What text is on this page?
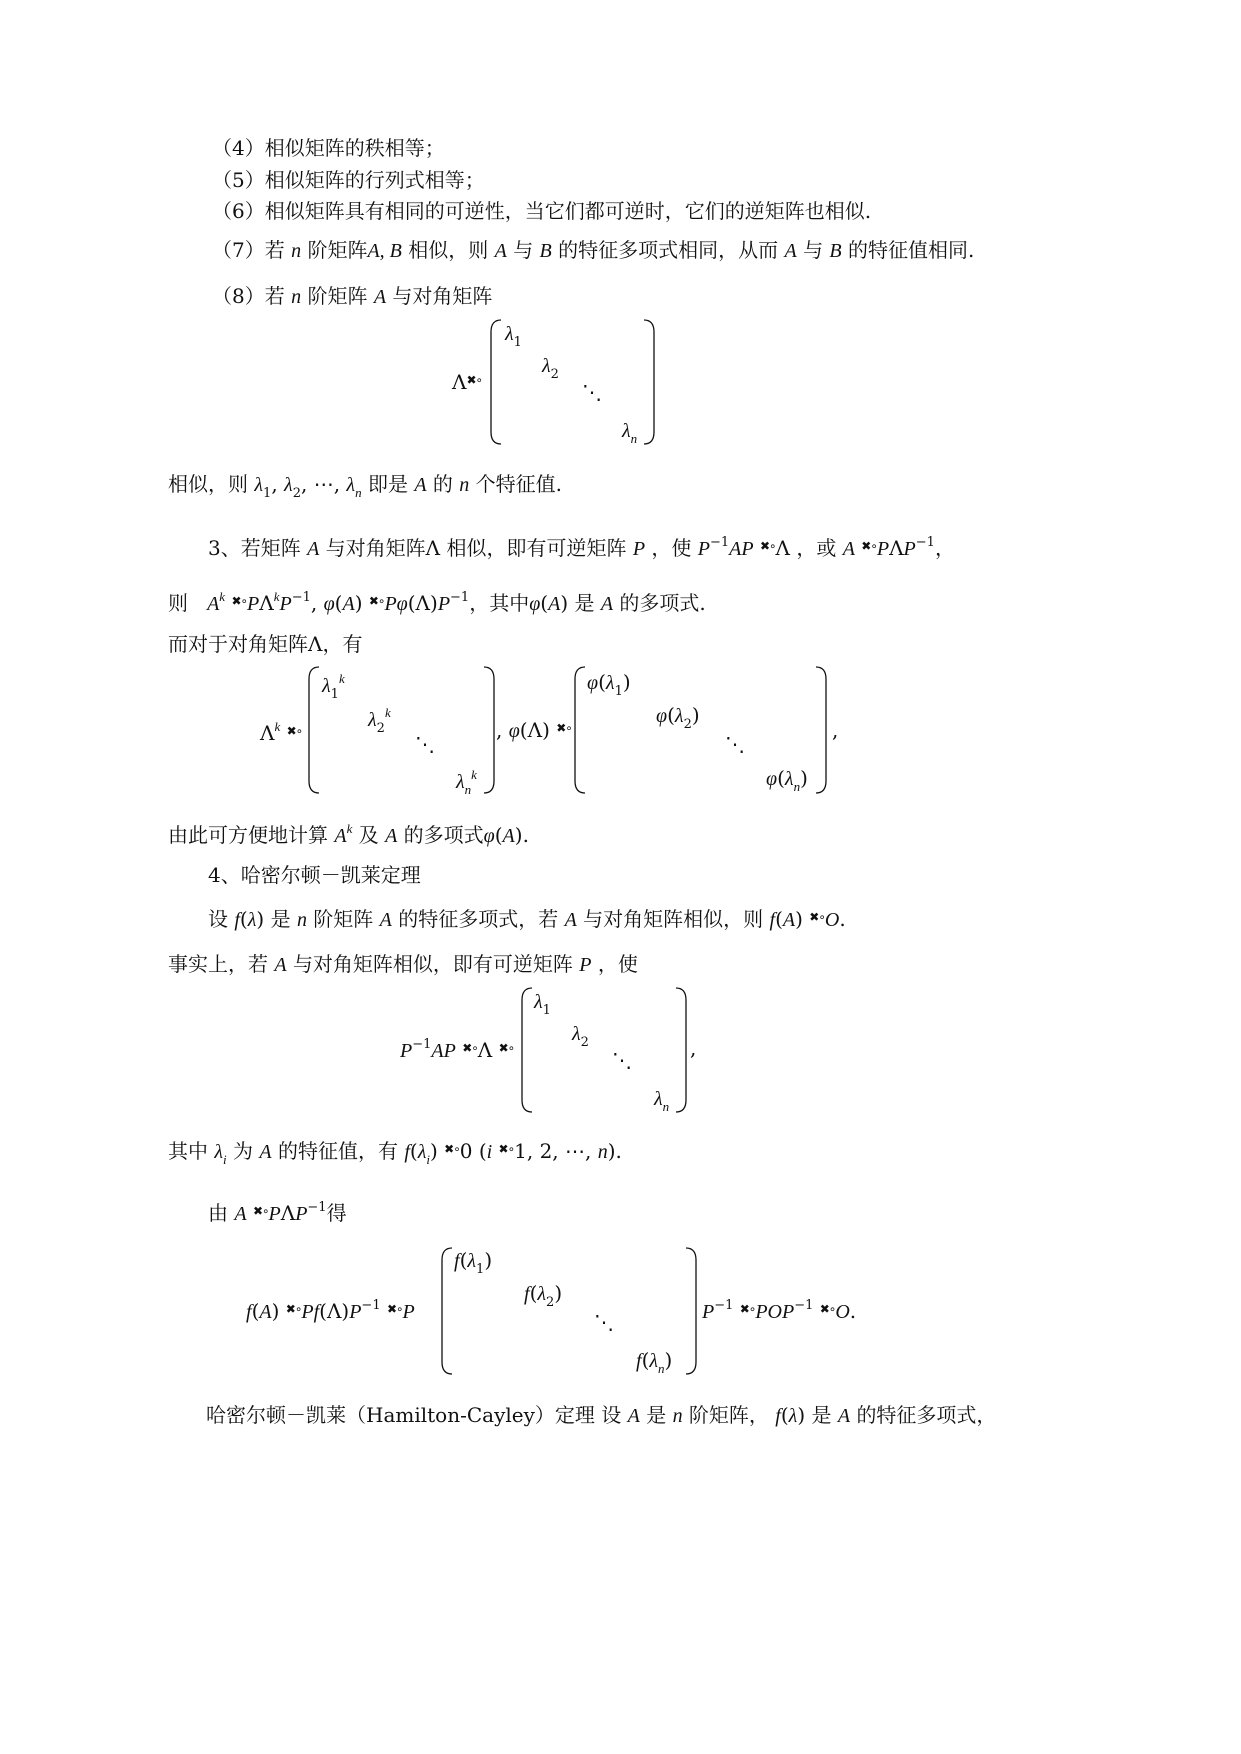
（4）相似矩阵的秩相等；
（5）相似矩阵的行列式相等；
（6）相似矩阵具有相同的可逆性，当它们都可逆时，它们的逆矩阵也相似.
（7）若 n 阶矩阵A, B 相似，则 A 与 B 的特征多项式相同，从而 A 与 B 的特征值相同.
（8）若 n 阶矩阵 A 与对角矩阵
Λ✖∘
$\lambda_1$
$\lambda_2$
⋱
$\lambda_n$
相似，则 $\lambda_1$, $\lambda_2$, ⋯, $\lambda_n$ 即是 A 的 n 个特征值.
3、若矩阵 A 与对角矩阵Λ 相似，即有可逆矩阵 P ，使 $P^{-1}AP$ ✖∘Λ ，或 A $^{✖\circ}P\Lambda P^{-1}$，
则 $A^k$ $^{✖\circ}P\Lambda^kP^{-1}$, φ(A) $^{✖\circ}P\varphi(\Lambda)P^{-1}$，其中φ(A) 是 A 的多项式.
而对于对角矩阵Λ，有
$\Lambda^k$ ✖∘
$\lambda_1^k$
$\lambda_2^k$
⋱
$\lambda_n^k$
, φ(Λ) ✖∘
$\varphi(\lambda_1)$
$\varphi(\lambda_2)$
⋱
$\varphi(\lambda_n)$
,
由此可方便地计算 $A^k$ 及 A 的多项式φ(A).
4、哈密尔顿－凯莱定理
设 f(λ) 是 n 阶矩阵 A 的特征多项式，若 A 与对角矩阵相似，则 f(A) ✖∘O.
事实上，若 A 与对角矩阵相似，即有可逆矩阵 P ，使
$P^{-1}AP$ ✖∘Λ ✖∘
$\lambda_1$
$\lambda_2$
⋱
$\lambda_n$
,
其中 $\lambda_i$ 为 A 的特征值，有 $f(\lambda_i)$ ✖∘0 (i ✖∘1, 2, ⋯, n).
由 A $^{✖\circ}P\Lambda P^{-1}$得
f(A) $^{✖\circ}Pf(\Lambda)P^{-1}$ ✖∘P
$f(\lambda_1)$
$f(\lambda_2)$
⋱
$f(\lambda_n)$
$P^{-1}$ $^{✖\circ}POP^{-1}$ ✖∘O.
哈密尔顿－凯莱（Hamilton-Cayley）定理 设 A 是 n 阶矩阵， f(λ) 是 A 的特征多项式，
